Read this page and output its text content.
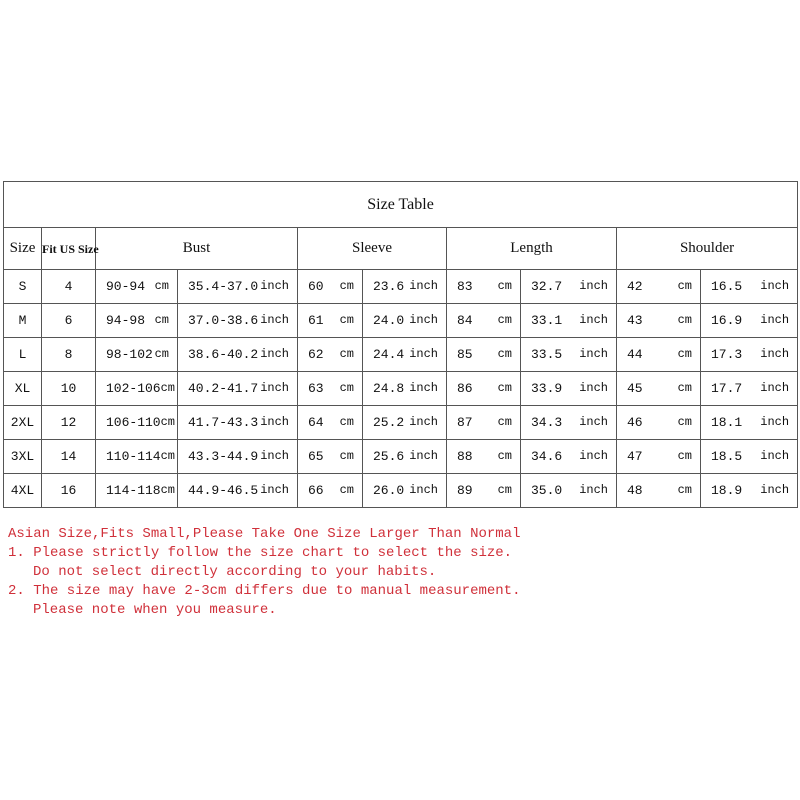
Size Table									
Size	Fit US Size	Bust		Sleeve		Length		Shoulder	
S	4	90-94 cm	35.4-37.0 inch	60 cm	23.6 inch	83 cm	32.7 inch	42 cm	16.5 inch

M	6	94-98 cm	37.0-38.6 inch	61 cm	24.0 inch	84 cm	33.1 inch	43 cm	16.9 inch

L	8	98-102 cm	38.6-40.2 inch	62 cm	24.4 inch	85 cm	33.5 inch	44 cm	17.3 inch

XL	10	102-106 cm	40.2-41.7 inch	63 cm	24.8 inch	86 cm	33.9 inch	45 cm	17.7 inch

2XL	12	106-110 cm	41.7-43.3 inch	64 cm	25.2 inch	87 cm	34.3 inch	46 cm	18.1 inch

3XL	14	110-114 cm	43.3-44.9 inch	65 cm	25.6 inch	88 cm	34.6 inch	47 cm	18.5 inch

4XL	16	114-118 cm	44.9-46.5 inch	66 cm	26.0 inch	89 cm	35.0 inch	48 cm	18.9 inch
Asian Size,Fits Small,Please Take One Size Larger Than Normal
1. Please strictly follow the size chart to select the size.
Do not select directly according to your habits.
2. The size may have 2-3cm differs due to manual measurement.
Please note when you measure.
